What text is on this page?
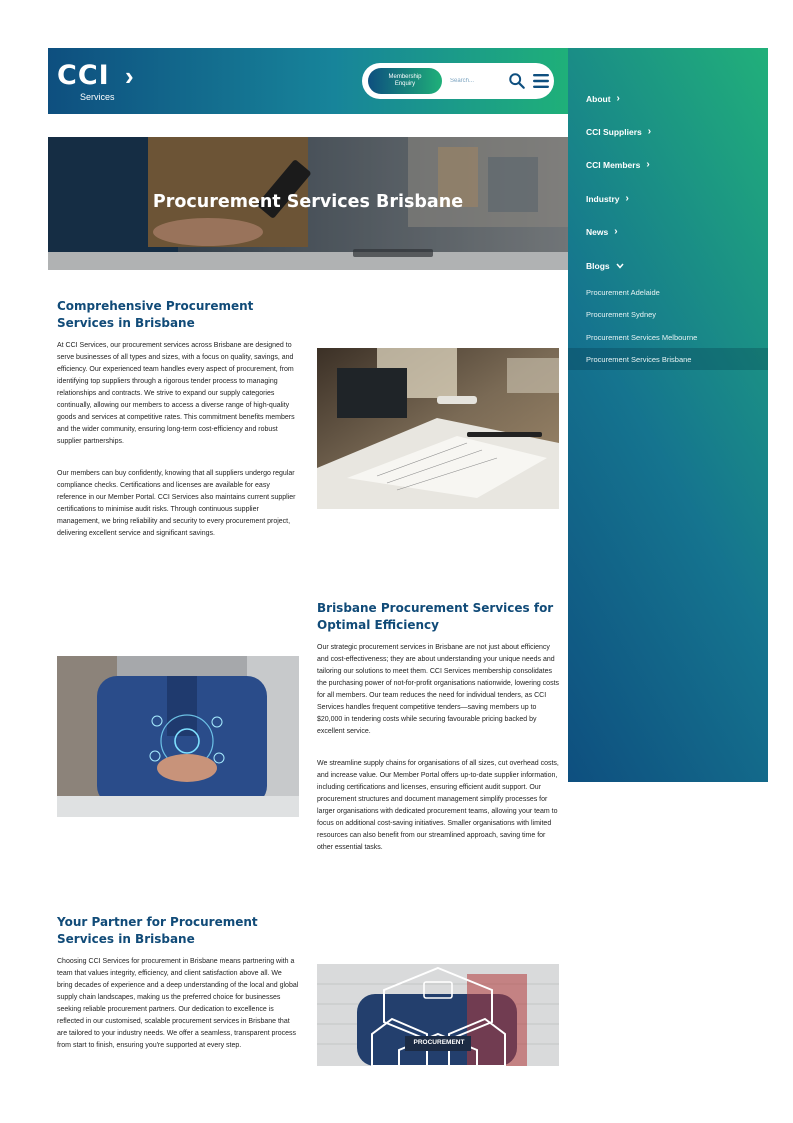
CCI ›
Services
Membership
Enquiry
Search...
About ›
CCI Suppliers ›
CCI Members ›
Industry ›
News ›
Blogs
Procurement Adelaide
Procurement Sydney
Procurement Services Melbourne
Procurement Services Brisbane
Procurement Services Brisbane
Comprehensive Procurement Services in Brisbane
At CCI Services, our procurement services across Brisbane are designed to serve businesses of all types and sizes, with a focus on quality, savings, and efficiency. Our experienced team handles every aspect of procurement, from identifying top suppliers through a rigorous tender process to managing relationships and contracts. We strive to expand our supply categories continually, allowing our members to access a diverse range of high-quality goods and services at competitive rates. This commitment benefits members and the wider community, ensuring long-term cost-efficiency and robust supplier partnerships.
Our members can buy confidently, knowing that all suppliers undergo regular compliance checks. Certifications and licenses are available for easy reference in our Member Portal. CCI Services also maintains current supplier certifications to minimise audit risks. Through continuous supplier management, we bring reliability and security to every procurement project, delivering excellent service and significant savings.
Brisbane Procurement Services for Optimal Efficiency
Our strategic procurement services in Brisbane are not just about efficiency and cost-effectiveness; they are about understanding your unique needs and tailoring our solutions to meet them. CCI Services membership consolidates the purchasing power of not-for-profit organisations nationwide, lowering costs for all members. Our team reduces the need for individual tenders, as CCI Services handles frequent competitive tenders—saving members up to $20,000 in tendering costs while securing favourable pricing backed by excellent service.
We streamline supply chains for organisations of all sizes, cut overhead costs, and increase value. Our Member Portal offers up-to-date supplier information, including certifications and licenses, ensuring efficient audit support. Our procurement structures and document management simplify processes for larger organisations with dedicated procurement teams, allowing your team to focus on additional cost-saving initiatives. Smaller organisations with limited resources can also benefit from our streamlined approach, saving time for other essential tasks.
Your Partner for Procurement Services in Brisbane
Choosing CCI Services for procurement in Brisbane means partnering with a team that values integrity, efficiency, and client satisfaction above all. We bring decades of experience and a deep understanding of the local and global supply chain landscapes, making us the preferred choice for businesses seeking reliable procurement partners. Our dedication to excellence is reflected in our customised, scalable procurement services in Brisbane that are tailored to your industry needs. We offer a seamless, transparent process from start to finish, ensuring you're supported at every step.	PROCUREMENT
